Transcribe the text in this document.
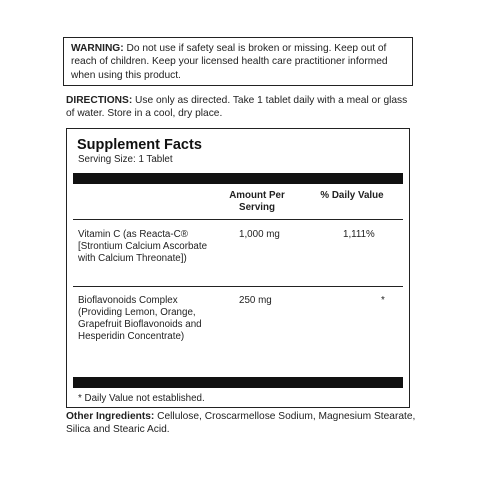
WARNING: Do not use if safety seal is broken or missing. Keep out of reach of children. Keep your licensed health care practitioner informed when using this product.
DIRECTIONS: Use only as directed. Take 1 tablet daily with a meal or glass of water. Store in a cool, dry place.
Supplement Facts
Serving Size: 1 Tablet
Amount Per Serving
% Daily Value
Vitamin C (as Reacta-C® [Strontium Calcium Ascorbate with Calcium Threonate])
1,000 mg	1,111%
Bioflavonoids Complex (Providing Lemon, Orange, Grapefruit Bioflavonoids and Hesperidin Concentrate)
250 mg	*
* Daily Value not established.
Other Ingredients: Cellulose, Croscarmellose Sodium, Magnesium Stearate, Silica and Stearic Acid.
